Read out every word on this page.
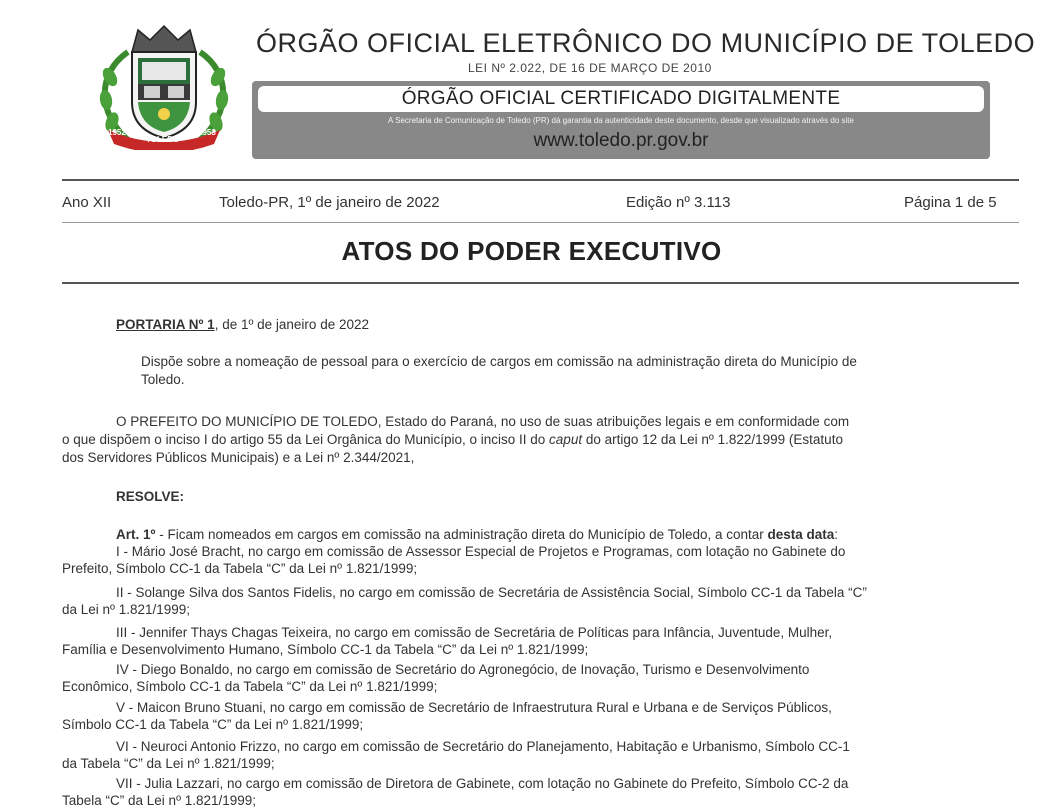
1952
TOLEDO
1953
ÓRGÃO OFICIAL ELETRÔNICO DO MUNICÍPIO DE TOLEDO
LEI Nº 2.022, DE 16 DE MARÇO DE 2010
ÓRGÃO OFICIAL CERTIFICADO DIGITALMENTE
A Secretaria de Comunicação de Toledo (PR) dá garantia da autenticidade deste documento, desde que visualizado através do site
www.toledo.pr.gov.br
Ano XII	Toledo-PR, 1º de janeiro de 2022	Edição nº 3.113	Página 1 de 5
ATOS DO PODER EXECUTIVO
PORTARIA Nº 1, de 1º de janeiro de 2022
Dispõe sobre a nomeação de pessoal para o exercício de cargos em comissão na administração direta do Município de
Toledo.
O PREFEITO DO MUNICÍPIO DE TOLEDO, Estado do Paraná, no uso de suas atribuições legais e em conformidade com
o que dispõem o inciso I do artigo 55 da Lei Orgânica do Município, o inciso II do caput do artigo 12 da Lei nº 1.822/1999 (Estatuto
dos Servidores Públicos Municipais) e a Lei nº 2.344/2021,
RESOLVE:
Art. 1º - Ficam nomeados em cargos em comissão na administração direta do Município de Toledo, a contar desta data:
I - Mário José Bracht, no cargo em comissão de Assessor Especial de Projetos e Programas, com lotação no Gabinete do
Prefeito, Símbolo CC-1 da Tabela “C” da Lei nº 1.821/1999;
II - Solange Silva dos Santos Fidelis, no cargo em comissão de Secretária de Assistência Social, Símbolo CC-1 da Tabela “C”
da Lei nº 1.821/1999;
III - Jennifer Thays Chagas Teixeira, no cargo em comissão de Secretária de Políticas para Infância, Juventude, Mulher,
Família e Desenvolvimento Humano, Símbolo CC-1 da Tabela “C” da Lei nº 1.821/1999;
IV - Diego Bonaldo, no cargo em comissão de Secretário do Agronegócio, de Inovação, Turismo e Desenvolvimento
Econômico, Símbolo CC-1 da Tabela “C” da Lei nº 1.821/1999;
V - Maicon Bruno Stuani, no cargo em comissão de Secretário de Infraestrutura Rural e Urbana e de Serviços Públicos,
Símbolo CC-1 da Tabela “C” da Lei nº 1.821/1999;
VI - Neuroci Antonio Frizzo, no cargo em comissão de Secretário do Planejamento, Habitação e Urbanismo, Símbolo CC-1
da Tabela “C” da Lei nº 1.821/1999;
VII - Julia Lazzari, no cargo em comissão de Diretora de Gabinete, com lotação no Gabinete do Prefeito, Símbolo CC-2 da
Tabela “C” da Lei nº 1.821/1999;
